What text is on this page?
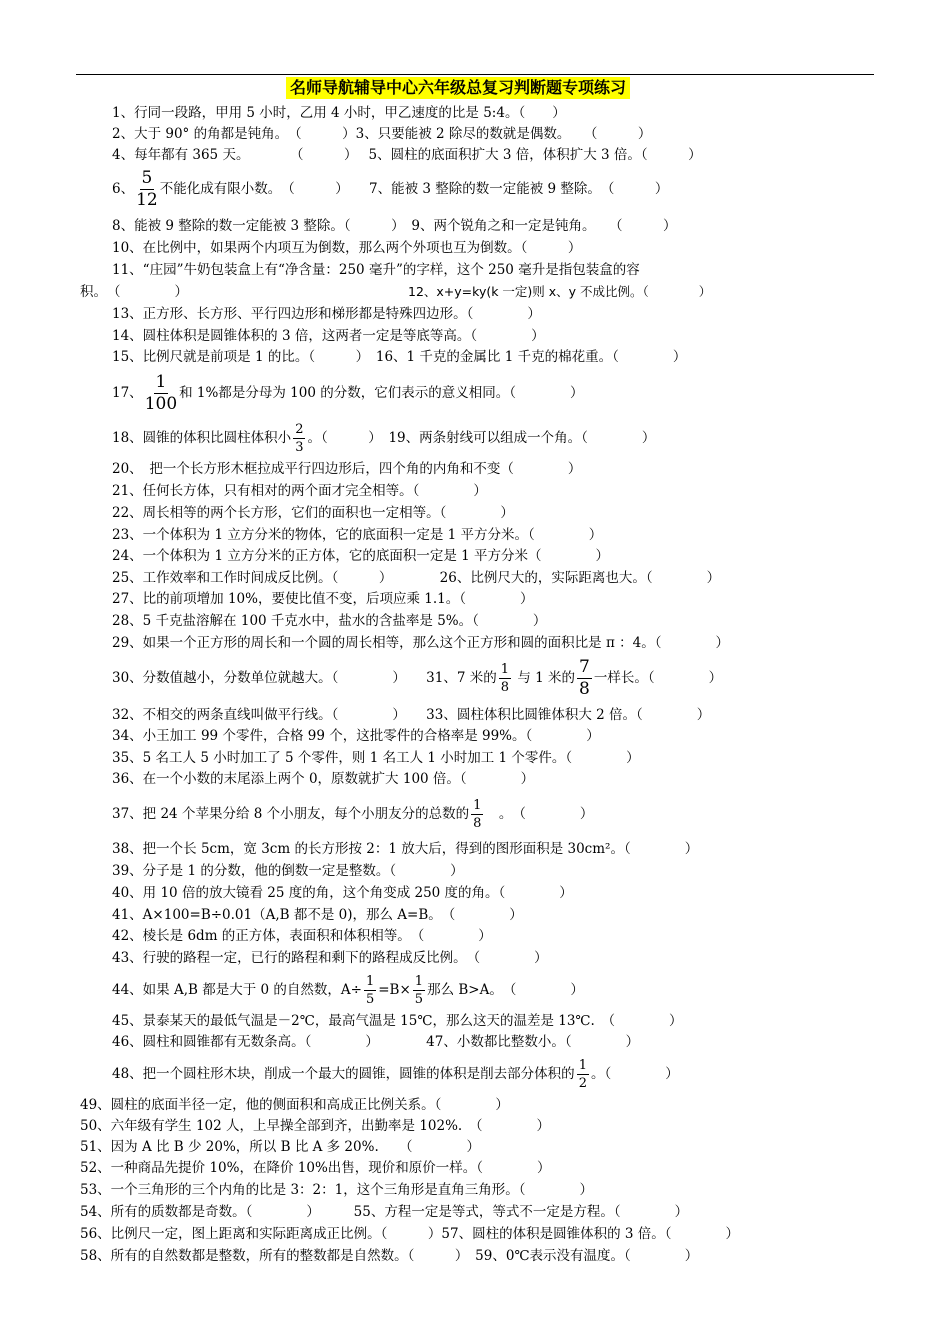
名师导航辅导中心六年级总复习判断题专项练习
1、行同一段路，甲用 5 小时，乙用 4 小时，甲乙速度的比是 5:4。（　　）
2、大于 90° 的角都是钝角。　（　　　）3、只要能被 2 除尽的数就是偶数。　　（　　　）
4、每年都有 365 天。　　　　（　　　）　 5、圆柱的底面积扩大 3 倍，体积扩大 3 倍。（　　　）
6、 $\frac{5}{12}$ 不能化成有限小数。　（　　　）　　7、能被 3 整除的数一定能被 9 整除。　（　　　）
8、能被 9 整除的数一定能被 3 整除。（　　　）　9、两个锐角之和一定是钝角。　　（　　　）
10、在比例中，如果两个内项互为倒数，那么两个外项也互为倒数。（　　　）
11、“庄园”牛奶包装盒上有“净含量：250 毫升”的字样，这个 250 毫升是指包装盒的容
积。　（　　　　）	12、x+y=ky(k 一定)则 x、y 不成比例。（　　　　）
13、正方形、长方形、平行四边形和梯形都是特殊四边形。（　　　　）
14、圆柱体积是圆锥体积的 3 倍，这两者一定是等底等高。（　　　　）
15、比例尺就是前项是 1 的比。（　　　）　16、1 千克的金属比 1 千克的棉花重。（　　　　）
17、 $\frac{1}{100}$ 和 1%都是分母为 100 的分数，它们表示的意义相同。（　　　　）
18、圆锥的体积比圆柱体积小 $\frac{2}{3}$ 。（　　　）　19、两条射线可以组成一个角。（　　　　）
20、　把一个长方形木框拉成平行四边形后，四个角的内角和不变（　　　　）
21、任何长方体，只有相对的两个面才完全相等。（　　　　）
22、周长相等的两个长方形，它们的面积也一定相等。（　　　　）
23、一个体积为 1 立方分米的物体，它的底面积一定是 1 平方分米。（　　　　）
24、一个体积为 1 立方分米的正方体，它的底面积一定是 1 平方分米（　　　　）
25、工作效率和工作时间成反比例。（　　　）　　　　26、比例尺大的，实际距离也大。（　　　　）
27、比的前项增加 10%，要使比值不变，后项应乘 1.1。（　　　　）
28、5 千克盐溶解在 100 千克水中，盐水的含盐率是 5%。（　　　　）
29、如果一个正方形的周长和一个圆的周长相等，那么这个正方形和圆的面积比是 π ：4。（　　　　）
30、分数值越小，分数单位就越大。（　　　　）　　31、7 米的 $\frac{1}{8}$ 与 1 米的 $\frac{7}{8}$ 一样长。（　　　　）
32、不相交的两条直线叫做平行线。（　　　　）　　33、圆柱体积比圆锥体积大 2 倍。（　　　　）
34、小王加工 99 个零件，合格 99 个，这批零件的合格率是 99%。（　　　　）
35、5 名工人 5 小时加工了 5 个零件，则 1 名工人 1 小时加工 1 个零件。（　　　　）
36、在一个小数的末尾添上两个 0，原数就扩大 100 倍。（　　　　）
37、把 24 个苹果分给 8 个小朋友，每个小朋友分的总数的 $\frac{1}{8}$ 　。　（　　　　）
38、把一个长 5cm，宽 3cm 的长方形按 2：1 放大后，得到的图形面积是 30cm²。（　　　　）
39、分子是 1 的分数，他的倒数一定是整数。（　　　　）
40、用 10 倍的放大镜看 25 度的角，这个角变成 250 度的角。（　　　　）
41、A×100=B÷0.01（A,B 都不是 0)，那么 A=B。　（　　　　）
42、棱长是 6dm 的正方体，表面积和体积相等。　（　　　　）
43、行驶的路程一定，已行的路程和剩下的路程成反比例。　（　　　　）
44、如果 A,B 都是大于 0 的自然数，$A\div \frac{1}{5} =B\times \frac{1}{5}$ 那么 B>A。　（　　　　）
45、景泰某天的最低气温是－2℃，最高气温是 15℃，那么这天的温差是 13℃.　（　　　　）
46、圆柱和圆锥都有无数条高。（　　　　）　　　　47、小数都比整数小。（　　　　）
48、把一个圆柱形木块，削成一个最大的圆锥，圆锥的体积是削去部分体积的 $\frac{1}{2}$ 。（　　　　）
49、圆柱的底面半径一定，他的侧面积和高成正比例关系。（　　　　）
50、六年级有学生 102 人，上早操全部到齐，出勤率是 102%.　（　　　　）
51、因为 A 比 B 少 20%，所以 B 比 A 多 20%.　　（　　　　）
52、一种商品先提价 10%，在降价 10%出售，现价和原价一样。（　　　　）
53、一个三角形的三个内角的比是 3：2：1，这个三角形是直角三角形。（　　　　）
54、所有的质数都是奇数。（　　　　）　　　55、方程一定是等式，等式不一定是方程。（　　　　）
56、比例尺一定，图上距离和实际距离成正比例。（　　　）57、圆柱的体积是圆锥体积的 3 倍。（　　　　）
58、所有的自然数都是整数，所有的整数都是自然数。（　　　）　59、0℃表示没有温度。（　　　　）
